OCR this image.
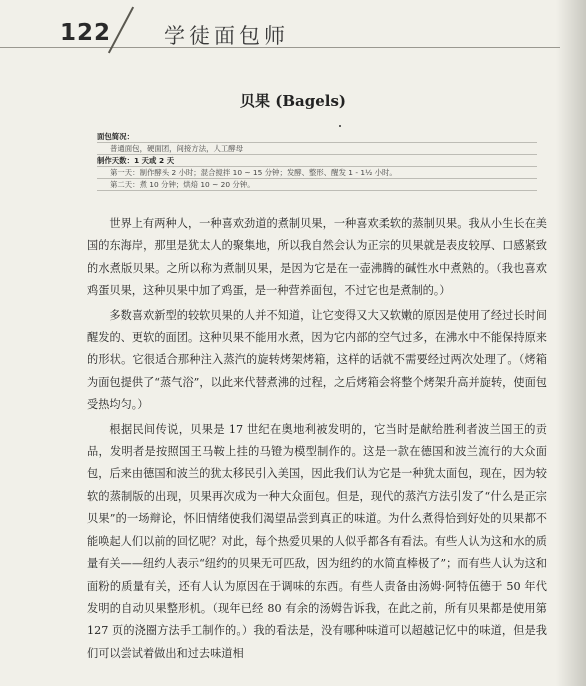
122	学徒面包师
贝果 (Bagels)
面包简况：
普通面包，硬面团，间接方法，人工酵母
制作天数：1 天或 2 天
第一天：制作酵头 2 小时；混合搅拌 10 ~ 15 分钟；发酵、整形、醒发 1 - 1½ 小时。
第二天：煮 10 分钟；烘焙 10 ~ 20 分钟。

世界上有两种人，一种喜欢劲道的煮制贝果，一种喜欢柔软的蒸制贝果。我从小生长在美国的东海岸，那里是犹太人的聚集地，所以我自然会认为正宗的贝果就是表皮较厚、口感紧致的水煮版贝果。之所以称为煮制贝果，是因为它是在一壶沸腾的碱性水中煮熟的。（我也喜欢鸡蛋贝果，这种贝果中加了鸡蛋，是一种营养面包，不过它也是煮制的。）

多数喜欢新型的较软贝果的人并不知道，让它变得又大又软嫩的原因是使用了经过长时间醒发的、更软的面团。这种贝果不能用水煮，因为它内部的空气过多，在沸水中不能保持原来的形状。它很适合那种注入蒸汽的旋转烤架烤箱，这样的话就不需要经过两次处理了。（烤箱为面包提供了“蒸气浴”，以此来代替煮沸的过程，之后烤箱会将整个烤架升高并旋转，使面包受热均匀。）

根据民间传说，贝果是 17 世纪在奥地利被发明的，它当时是献给胜利者波兰国王的贡品，发明者是按照国王马鞍上挂的马镫为模型制作的。这是一款在德国和波兰流行的大众面包，后来由德国和波兰的犹太移民引入美国，因此我们认为它是一种犹太面包，现在，因为较软的蒸制版的出现，贝果再次成为一种大众面包。但是，现代的蒸汽方法引发了“什么是正宗贝果”的一场辩论，怀旧情绪使我们渴望品尝到真正的味道。为什么煮得恰到好处的贝果都不能唤起人们以前的回忆呢？对此，每个热爱贝果的人似乎都各有看法。有些人认为这和水的质量有关——纽约人表示“纽约的贝果无可匹敌，因为纽约的水简直棒极了”；而有些人认为这和面粉的质量有关，还有人认为原因在于调味的东西。有些人责备由汤姆·阿特伍德于 50 年代发明的自动贝果整形机。（现年已经 80 有余的汤姆告诉我，在此之前，所有贝果都是使用第 127 页的浇圈方法手工制作的。）我的看法是，没有哪种味道可以超越记忆中的味道，但是我们可以尝试着做出和过去味道相
